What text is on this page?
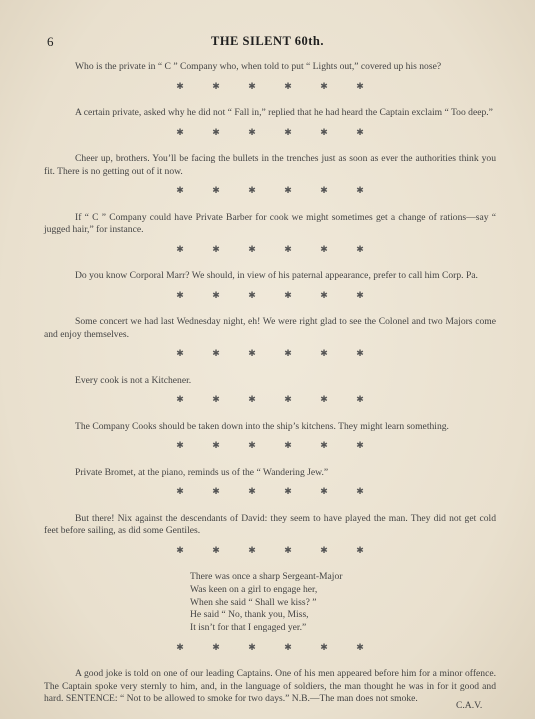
6	THE SILENT 60th.

Who is the private in “ C ” Company who, when told to put “ Lights out,” covered up his nose?

✱	✱	✱	✱	✱	✱

A certain private, asked why he did not “ Fall in,” replied that he had heard the Captain exclaim “ Too deep.”

✱	✱	✱	✱	✱	✱

Cheer up, brothers. You’ll be facing the bullets in the trenches just as soon as ever the authorities think you fit. There is no getting out of it now.

✱	✱	✱	✱	✱	✱

If “ C ” Company could have Private Barber for cook we might sometimes get a change of rations—say “ jugged hair,” for instance.

✱	✱	✱	✱	✱	✱

Do you know Corporal Marr? We should, in view of his paternal appearance, prefer to call him Corp. Pa.

✱	✱	✱	✱	✱	✱

Some concert we had last Wednesday night, eh! We were right glad to see the Colonel and two Majors come and enjoy themselves.

✱	✱	✱	✱	✱	✱

Every cook is not a Kitchener.

✱	✱	✱	✱	✱	✱

The Company Cooks should be taken down into the ship’s kitchens. They might learn something.

✱	✱	✱	✱	✱	✱

Private Bromet, at the piano, reminds us of the “ Wandering Jew.”

✱	✱	✱	✱	✱	✱

But there! Nix against the descendants of David: they seem to have played the man. They did not get cold feet before sailing, as did some Gentiles.

✱	✱	✱	✱	✱	✱
There was once a sharp Sergeant-Major
Was keen on a girl to engage her,
When she said “ Shall we kiss? ”
He said “ No, thank you, Miss,
It isn’t for that I engaged yer.”
✱	✱	✱	✱	✱	✱

A good joke is told on one of our leading Captains. One of his men appeared before him for a minor offence. The Captain spoke very sternly to him, and, in the language of soldiers, the man thought he was in for it good and hard. SENTENCE: “ Not to be allowed to smoke for two days.” N.B.—The man does not smoke.

C.A.V.
